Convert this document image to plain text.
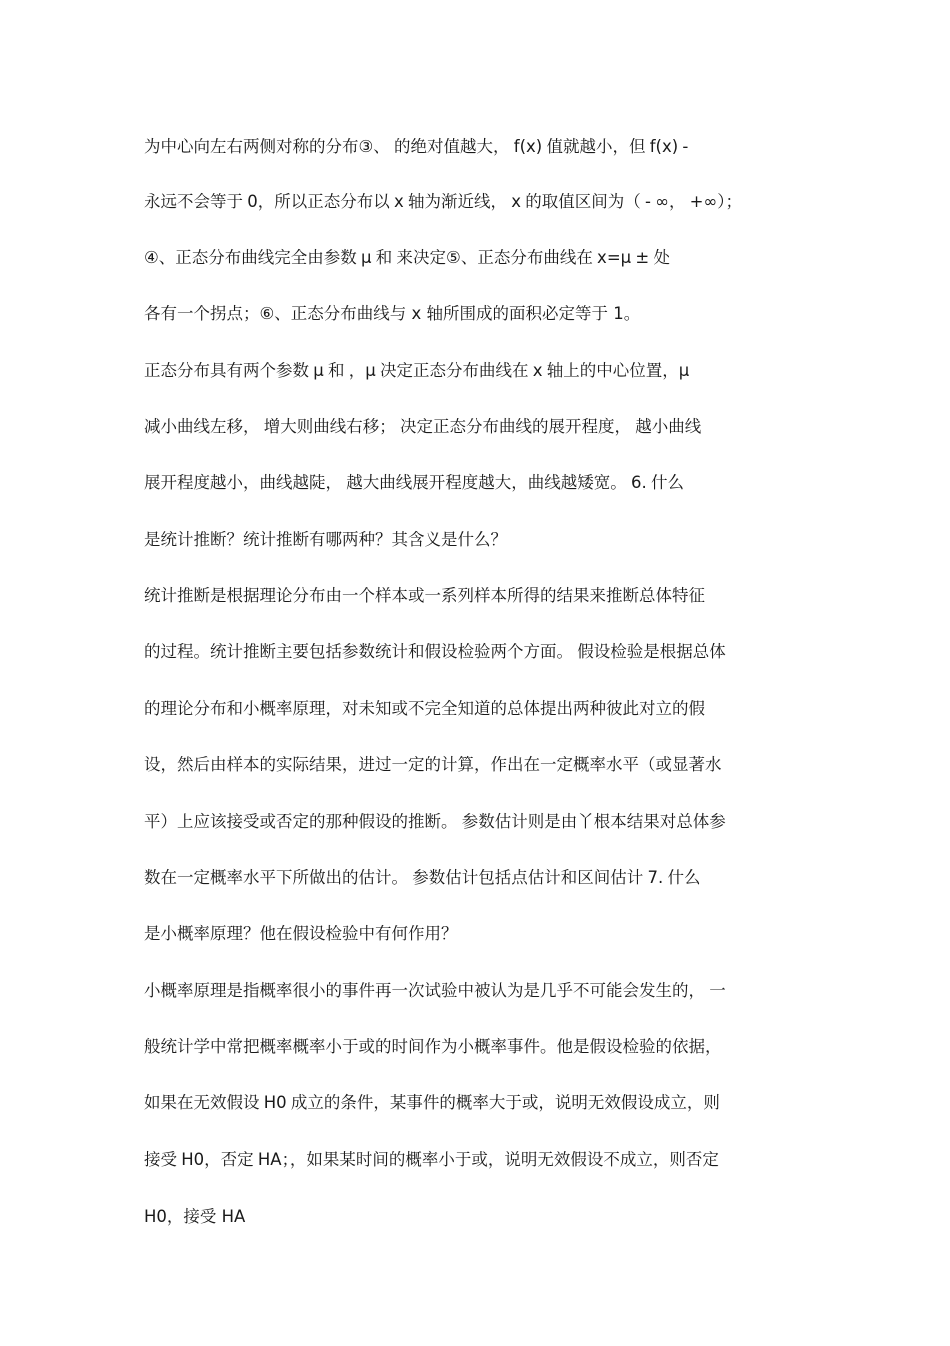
为中心向左右两侧对称的分布③、 的绝对值越大， f(x) 值就越小，但 f(x) -
永远不会等于 0，所以正态分布以 x 轴为渐近线， x 的取值区间为（ - ∞， +∞）；
④、正态分布曲线完全由参数 μ 和 来决定⑤、正态分布曲线在 x=μ ± 处
各有一个拐点；⑥、正态分布曲线与 x 轴所围成的面积必定等于 1。
正态分布具有两个参数 μ 和 ，μ 决定正态分布曲线在 x 轴上的中心位置，μ
减小曲线左移， 增大则曲线右移； 决定正态分布曲线的展开程度， 越小曲线
展开程度越小，曲线越陡， 越大曲线展开程度越大，曲线越矮宽。 6. 什么
是统计推断？统计推断有哪两种？其含义是什么？
统计推断是根据理论分布由一个样本或一系列样本所得的结果来推断总体特征
的过程。统计推断主要包括参数统计和假设检验两个方面。 假设检验是根据总体
的理论分布和小概率原理，对未知或不完全知道的总体提出两种彼此对立的假
设，然后由样本的实际结果，进过一定的计算，作出在一定概率水平（或显著水
平）上应该接受或否定的那种假设的推断。 参数估计则是由丫根本结果对总体参
数在一定概率水平下所做出的估计。 参数估计包括点估计和区间估计 7. 什么
是小概率原理？他在假设检验中有何作用？
小概率原理是指概率很小的事件再一次试验中被认为是几乎不可能会发生的， 一
般统计学中常把概率概率小于或的时间作为小概率事件。他是假设检验的依据，
如果在无效假设 H0 成立的条件，某事件的概率大于或，说明无效假设成立，则
接受 H0，否定 HA；，如果某时间的概率小于或，说明无效假设不成立，则否定
H0，接受 HA
